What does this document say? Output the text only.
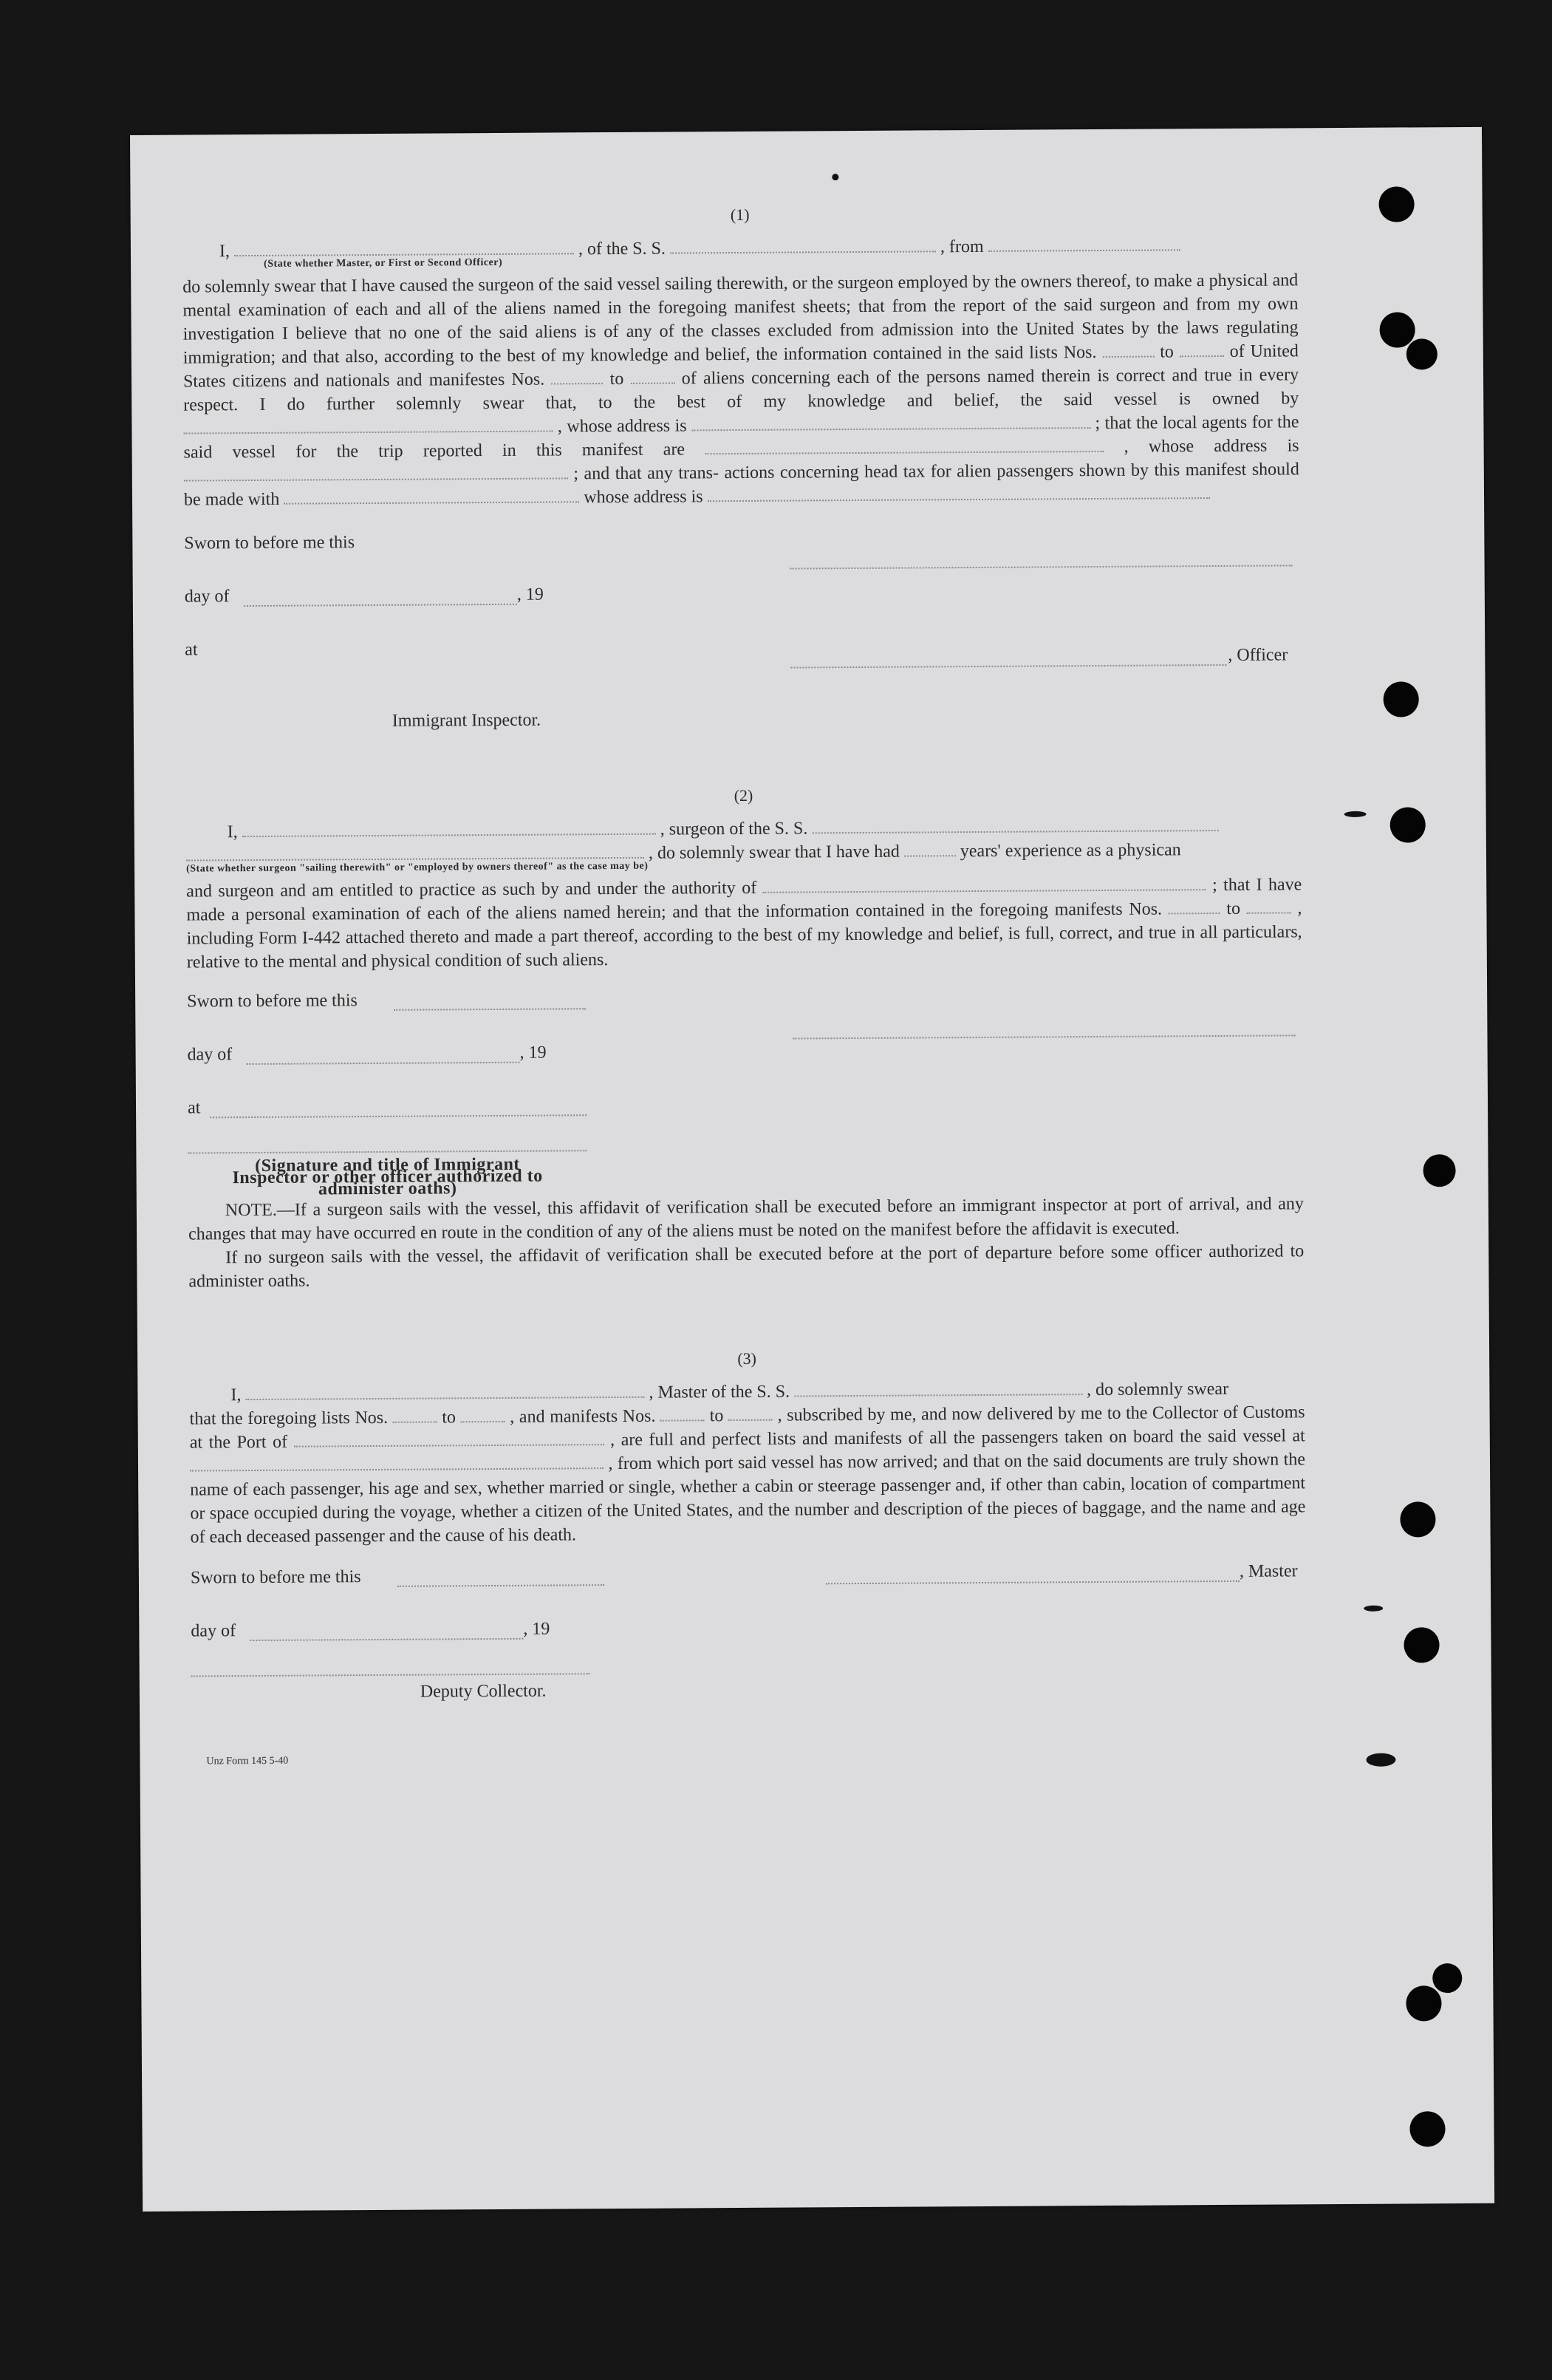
(1)
I,	, of the S. S.	, from
(State whether Master, or First or Second Officer)

do solemnly swear that I have caused the surgeon of the said vessel sailing therewith, or the surgeon employed by the owners thereof, to make a physical and mental examination of each and all of the aliens named in the foregoing manifest sheets; that from the report of the said surgeon and from my own investigation I believe that no one of the said aliens is of any of the classes excluded from admission into the United States by the laws regulating immigration; and that also, according to the best of my knowledge and belief, the information contained in the said lists Nos.	to	of United States citizens and nationals and manifestes Nos.	to	of aliens concerning each of the persons named therein is correct and true in every respect. I do further solemnly swear that, to the best of my knowledge and belief, the said vessel is owned by  , whose address is	; that the local agents for the said vessel for the trip reported in this manifest are	, whose address is  ; and that any trans- actions concerning head tax for alien passengers shown by this manifest should be made with	whose address is

Sworn to before me this
day of	, 19
at	, Officer
Immigrant Inspector.
(2)
I,	, surgeon of the S. S.
, do solemnly swear that I have had	years' experience as a physican
(State whether surgeon "sailing therewith" or "employed by owners thereof" as the case may be)

and surgeon and am entitled to practice as such by and under the authority of	; that I have made a personal examination of each of the aliens named herein; and that the information contained in the foregoing manifests Nos.	to	, including Form I-442 attached thereto and made a part thereof, according to the best of my knowledge and belief, is full, correct, and true in all particulars, relative to the mental and physical condition of such aliens.

Sworn to before me this
day of	, 19
at
(Signature and title of Immigrant Inspector or other officer authorized to administer oaths)

NOTE.—If a surgeon sails with the vessel, this affidavit of verification shall be executed before an immigrant inspector at port of arrival, and any changes that may have occurred en route in the condition of any of the aliens must be noted on the manifest before the affidavit is executed.

If no surgeon sails with the vessel, the affidavit of verification shall be executed before at the port of departure before some officer authorized to administer oaths.

(3)
I,	, Master of the S. S.	, do solemnly swear

that the foregoing lists Nos.	to	, and manifests Nos.	to	, subscribed by me, and now delivered by me to the Collector of Customs at the Port of	, are full and perfect lists and manifests of all the passengers taken on board the said vessel at  , from which port said vessel has now arrived; and that on the said documents are truly shown the name of each passenger, his age and sex, whether married or single, whether a cabin or steerage passenger and, if other than cabin, location of compartment or space occupied during the voyage, whether a citizen of the United States, and the number and description of the pieces of baggage, and the name and age of each deceased passenger and the cause of his death.

Sworn to before me this	, Master
day of	, 19
Deputy Collector.
Unz Form 145 5-40
